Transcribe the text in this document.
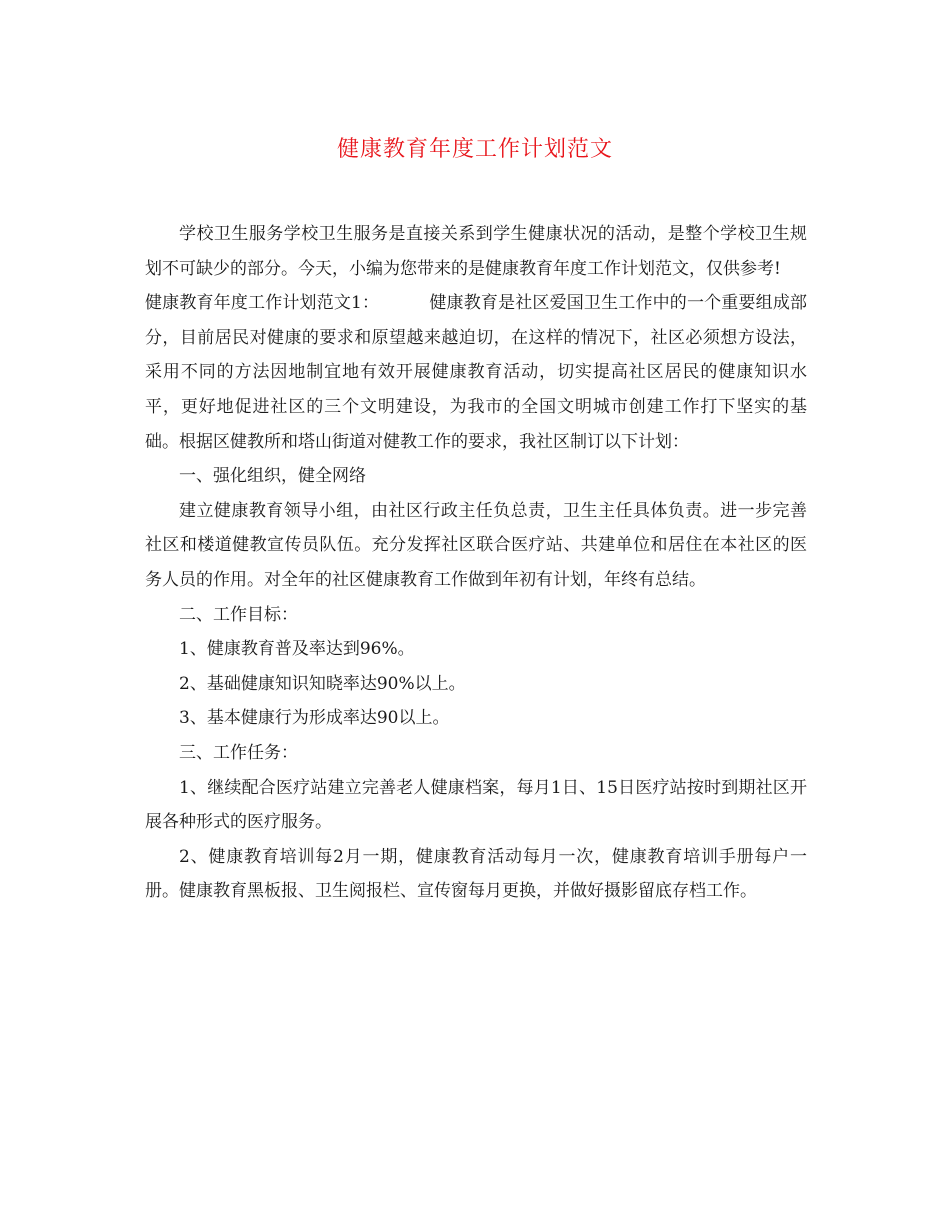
健康教育年度工作计划范文

学校卫生服务学校卫生服务是直接关系到学生健康状况的活动，是整个学校卫生规划不可缺少的部分。今天，小编为您带来的是健康教育年度工作计划范文，仅供参考!

健康教育年度工作计划范文1：	健康教育是社区爱国卫生工作中的一个重要组成部分，目前居民对健康的要求和原望越来越迫切，在这样的情况下，社区必须想方设法，采用不同的方法因地制宜地有效开展健康教育活动，切实提高社区居民的健康知识水平，更好地促进社区的三个文明建设，为我市的全国文明城市创建工作打下坚实的基础。根据区健教所和塔山街道对健教工作的要求，我社区制订以下计划：

一、强化组织，健全网络

建立健康教育领导小组，由社区行政主任负总责，卫生主任具体负责。进一步完善社区和楼道健教宣传员队伍。充分发挥社区联合医疗站、共建单位和居住在本社区的医务人员的作用。对全年的社区健康教育工作做到年初有计划，年终有总结。

二、工作目标：

1、健康教育普及率达到96%。

2、基础健康知识知晓率达90%以上。

3、基本健康行为形成率达90以上。

三、工作任务：

1、继续配合医疗站建立完善老人健康档案，每月1日、15日医疗站按时到期社区开展各种形式的医疗服务。

2、健康教育培训每2月一期，健康教育活动每月一次，健康教育培训手册每户一册。健康教育黑板报、卫生阅报栏、宣传窗每月更换，并做好摄影留底存档工作。
